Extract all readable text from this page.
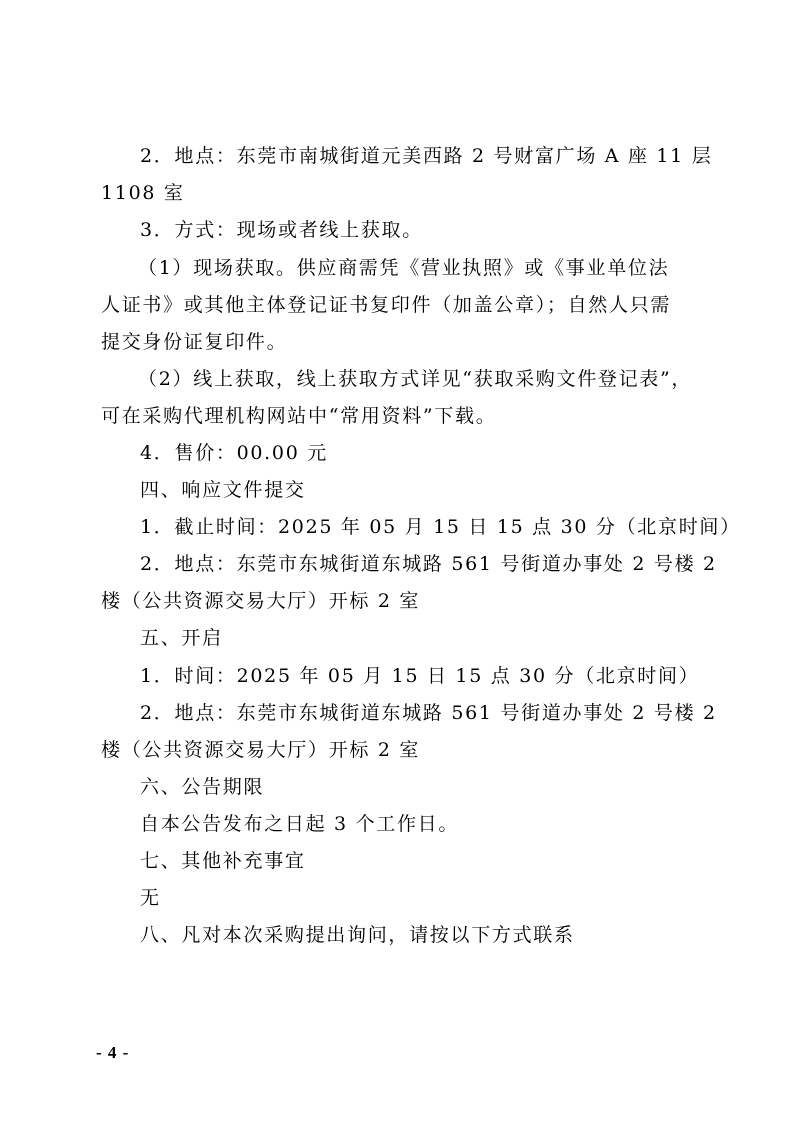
2．地点：东莞市南城街道元美西路 2 号财富广场 A 座 11 层
1108 室
3．方式：现场或者线上获取。
（1）现场获取。供应商需凭《营业执照》或《事业单位法
人证书》或其他主体登记证书复印件（加盖公章）；自然人只需
提交身份证复印件。
（2）线上获取，线上获取方式详见“获取采购文件登记表”，
可在采购代理机构网站中“常用资料”下载。
4．售价：00.00 元
四、响应文件提交
1．截止时间：2025 年 05 月 15 日 15 点 30 分（北京时间）
2．地点：东莞市东城街道东城路 561 号街道办事处 2 号楼 2
楼（公共资源交易大厅）开标 2 室
五、开启
1．时间：2025 年 05 月 15 日 15 点 30 分（北京时间）
2．地点：东莞市东城街道东城路 561 号街道办事处 2 号楼 2
楼（公共资源交易大厅）开标 2 室
六、公告期限
自本公告发布之日起 3 个工作日。
七、其他补充事宜
无
八、凡对本次采购提出询问，请按以下方式联系
- 4 -
